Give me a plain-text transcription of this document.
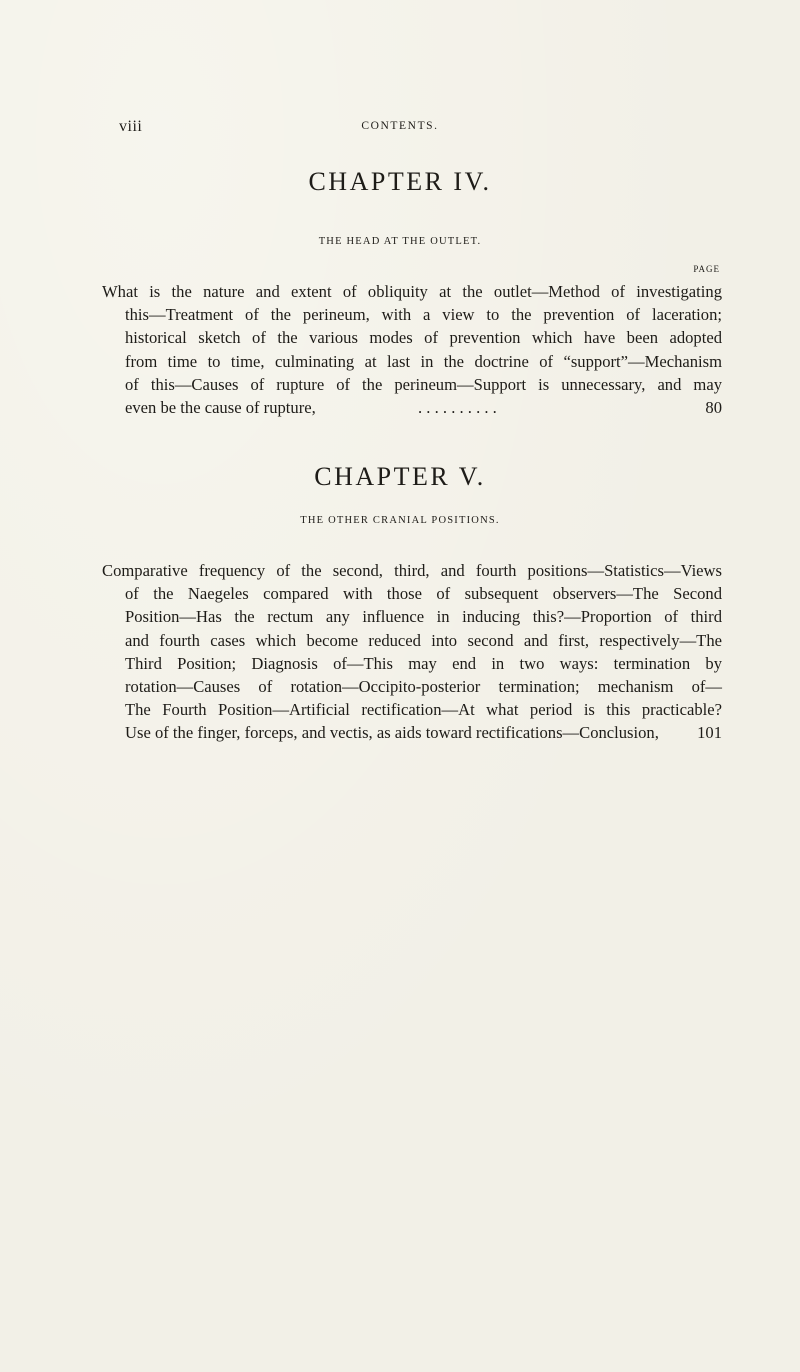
viii	CONTENTS.
CHAPTER IV.
THE HEAD AT THE OUTLET.
PAGE
What is the nature and extent of obliquity at the outlet—Method of investigating
this—Treatment of the perineum, with a view to the prevention of laceration;
historical sketch of the various modes of prevention which have been adopted
from time to time, culminating at last in the doctrine of “support”—Mechanism
of this—Causes of rupture of the perineum—Support is unnecessary, and may
even be the cause of rupture,	. . . . . . . . . .	80
CHAPTER V.
THE OTHER CRANIAL POSITIONS.
Comparative frequency of the second, third, and fourth positions—Statistics—Views
of the Naegeles compared with those of subsequent observers—The Second
Position—Has the rectum any influence in inducing this?—Proportion of third
and fourth cases which become reduced into second and first, respectively—The
Third Position; Diagnosis of—This may end in two ways: termination by
rotation—Causes of rotation—Occipito-posterior termination; mechanism of—
The Fourth Position—Artificial rectification—At what period is this practicable?
Use of the finger, forceps, and vectis, as aids toward rectifications—Conclusion, 101
